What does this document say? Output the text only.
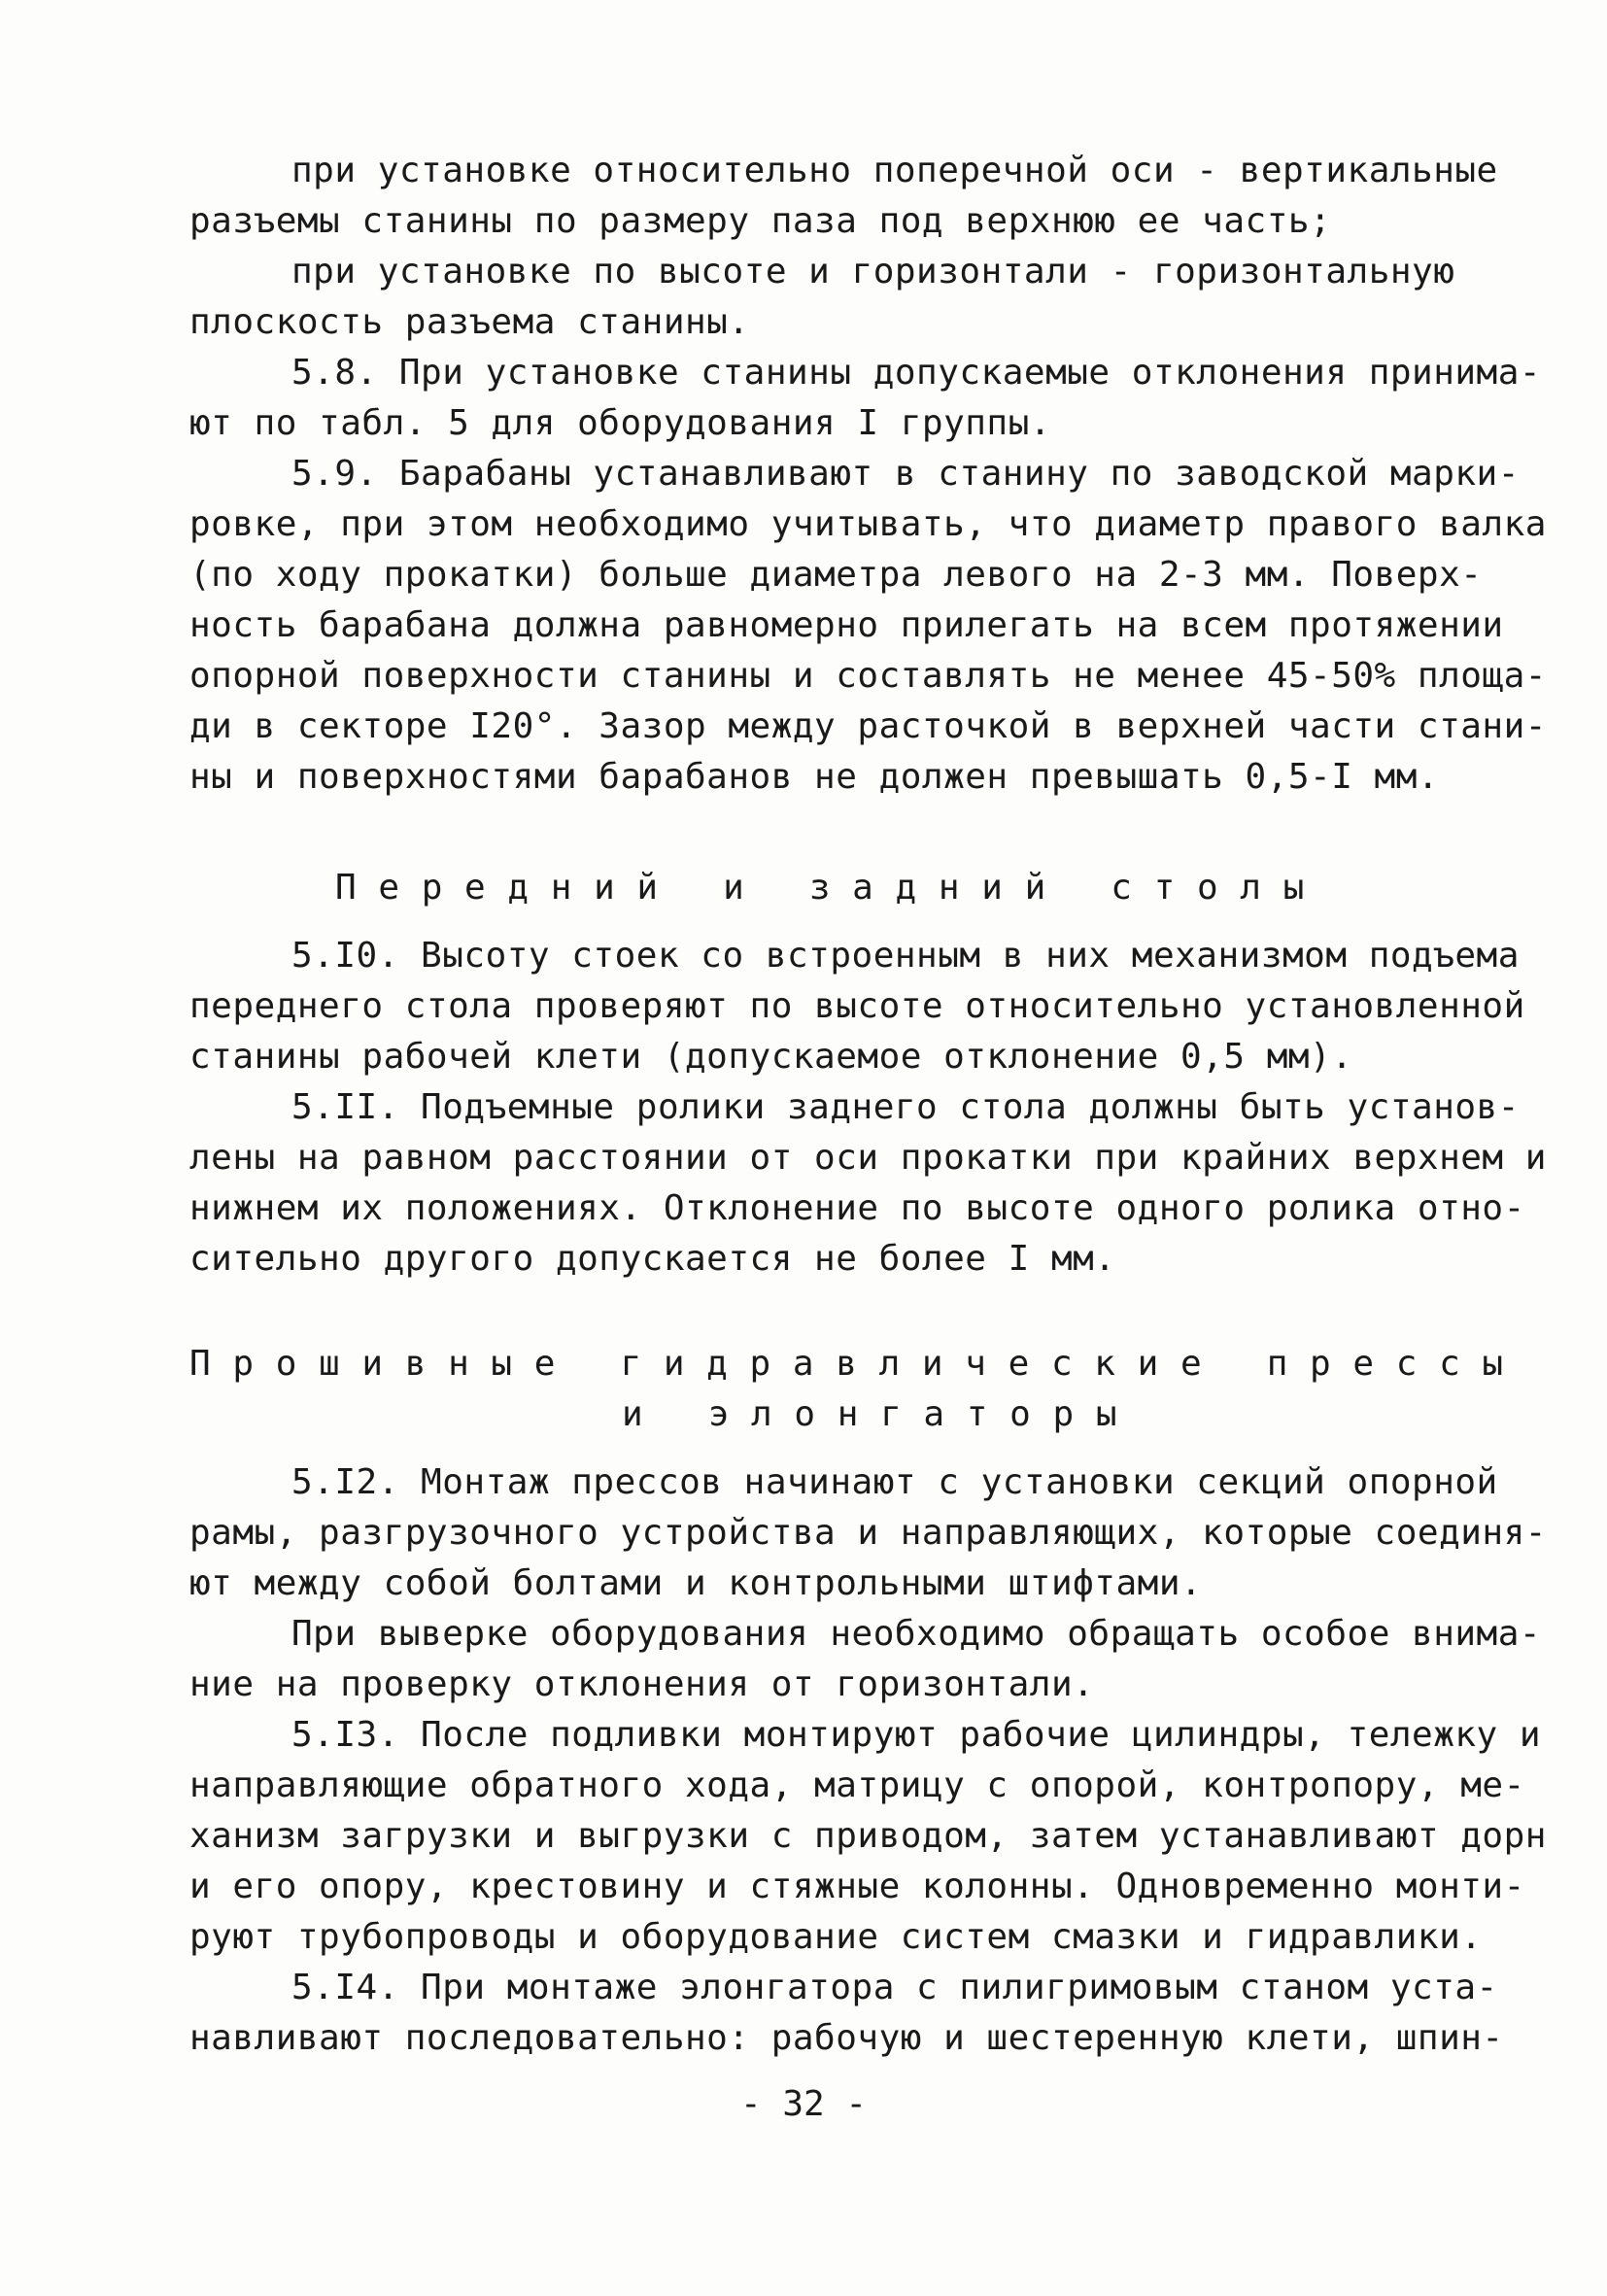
при установке относительно поперечной оси - вертикальные
разъемы станины по размеру паза под верхнюю ее часть;
при установке по высоте и горизонтали - горизонтальную
плоскость разъема станины.
5.8. При установке станины допускаемые отклонения принима-
ют по табл. 5 для оборудования I группы.
5.9. Барабаны устанавливают в станину по заводской марки-
ровке, при этом необходимо учитывать, что диаметр правого валка
(по ходу прокатки) больше диаметра левого на 2-3 мм. Поверх-
ность барабана должна равномерно прилегать на всем протяжении
опорной поверхности станины и составлять не менее 45-50% площа-
ди в секторе I20°. Зазор между расточкой в верхней части стани-
ны и поверхностями барабанов не должен превышать 0,5-I мм.
П е р е д н и й   и   з а д н и й   с т о л ы
5.I0. Высоту стоек со встроенным в них механизмом подъема
переднего стола проверяют по высоте относительно установленной
станины рабочей клети (допускаемое отклонение 0,5 мм).
5.II. Подъемные ролики заднего стола должны быть установ-
лены на равном расстоянии от оси прокатки при крайних верхнем и
нижнем их положениях. Отклонение по высоте одного ролика отно-
сительно другого допускается не более I мм.
П р о ш и в н ы е   г и д р а в л и ч е с к и е   п р е с с ы
и   э л о н г а т о р ы
5.I2. Монтаж прессов начинают с установки секций опорной
рамы, разгрузочного устройства и направляющих, которые соединя-
ют между собой болтами и контрольными штифтами.
При выверке оборудования необходимо обращать особое внима-
ние на проверку отклонения от горизонтали.
5.I3. После подливки монтируют рабочие цилиндры, тележку и
направляющие обратного хода, матрицу с опорой, контропору, ме-
ханизм загрузки и выгрузки с приводом, затем устанавливают дорн
и его опору, крестовину и стяжные колонны. Одновременно монти-
руют трубопроводы и оборудование систем смазки и гидравлики.
5.I4. При монтаже элонгатора с пилигримовым станом уста-
навливают последовательно: рабочую и шестеренную клети, шпин-
- 32 -
